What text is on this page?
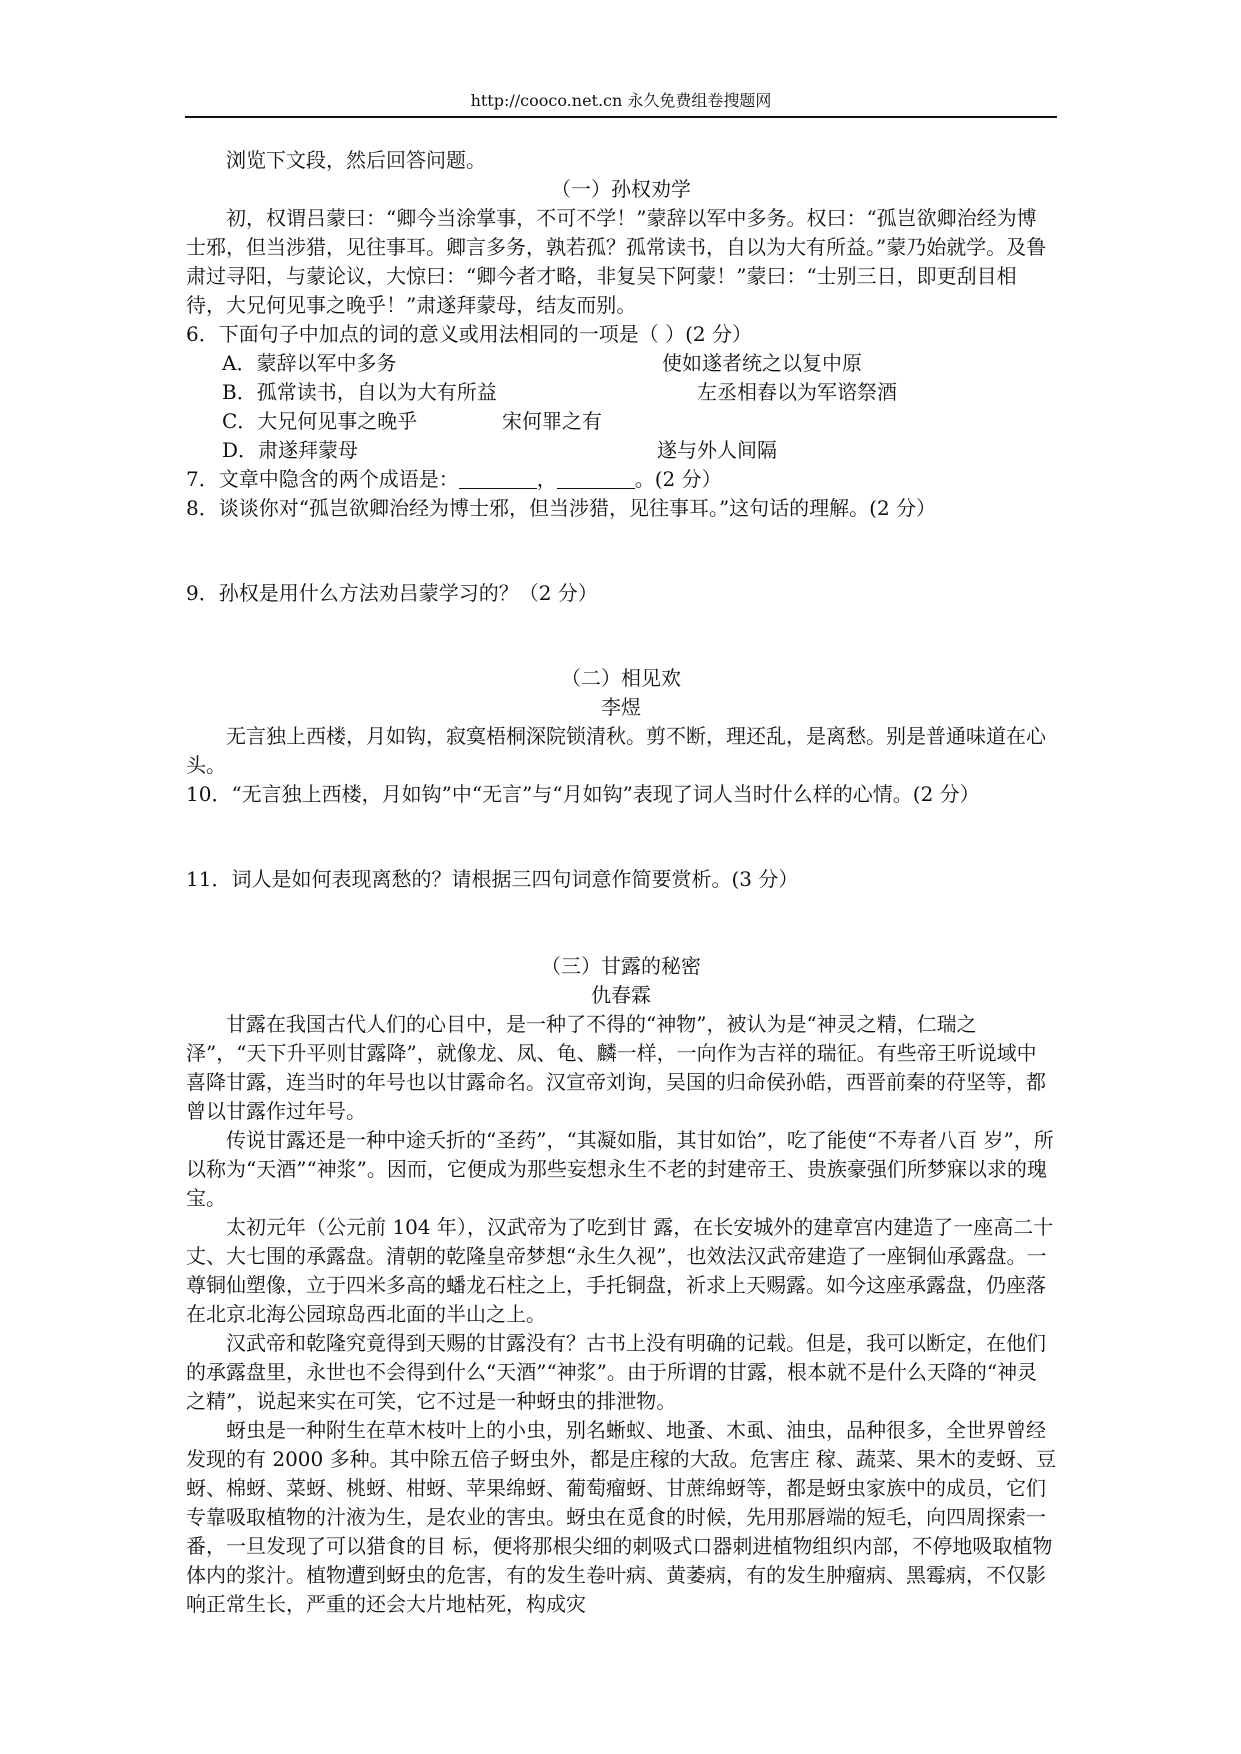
http://cooco.net.cn 永久免费组卷搜题网

浏览下文段，然后回答问题。

（一）孙权劝学

初，权谓吕蒙曰：“卿今当涂掌事，不可不学！”蒙辞以军中多务。权曰：“孤岂欲卿治经为博士邪，但当涉猎，见往事耳。卿言多务，孰若孤？孤常读书，自以为大有所益。”蒙乃始就学。及鲁肃过寻阳，与蒙论议，大惊曰：“卿今者才略，非复吴下阿蒙！”蒙曰：“士别三日，即更刮目相待，大兄何见事之晚乎！”肃遂拜蒙母，结友而别。

6．下面句子中加点的词的意义或用法相同的一项是（ ）(2 分）

A．蒙辞以军中多务	使如遂者统之以复中原
B．孤常读书，自以为大有所益	左丞相舂以为军谘祭酒
C．大兄何见事之晚乎	宋何罪之有
D．肃遂拜蒙母	遂与外人间隔

7．文章中隐含的两个成语是：	，	。(2 分）

8．谈谈你对“孤岂欲卿治经为博士邪，但当涉猎，见往事耳。”这句话的理解。(2 分）

9．孙权是用什么方法劝吕蒙学习的？（2 分）

（二）相见欢

李煜

无言独上西楼，月如钩，寂寞梧桐深院锁清秋。剪不断，理还乱，是离愁。别是普通味道在心头。

10．“无言独上西楼，月如钩”中“无言”与“月如钩”表现了词人当时什么样的心情。(2 分）

11．词人是如何表现离愁的？请根据三四句词意作简要赏析。(3 分）

（三）甘露的秘密

仇春霖

甘露在我国古代人们的心目中，是一种了不得的“神物”，被认为是“神灵之精，仁瑞之泽”，“天下升平则甘露降”，就像龙、凤、龟、麟一样，一向作为吉祥的瑞征。有些帝王听说域中喜降甘露，连当时的年号也以甘露命名。汉宣帝刘询，吴国的归命侯孙皓，西晋前秦的苻坚等，都曾以甘露作过年号。

传说甘露还是一种中途夭折的“圣药”，“其凝如脂，其甘如饴”，吃了能使“不寿者八百 岁”，所以称为“天酒”“神浆”。因而，它便成为那些妄想永生不老的封建帝王、贵族豪强们所梦寐以求的瑰宝。

太初元年（公元前 104 年），汉武帝为了吃到甘 露，在长安城外的建章宫内建造了一座高二十丈、大七围的承露盘。清朝的乾隆皇帝梦想“永生久视”，也效法汉武帝建造了一座铜仙承露盘。一尊铜仙塑像，立于四米多高的蟠龙石柱之上，手托铜盘，祈求上天赐露。如今这座承露盘，仍座落在北京北海公园琼岛西北面的半山之上。

汉武帝和乾隆究竟得到天赐的甘露没有？古书上没有明确的记载。但是，我可以断定，在他们的承露盘里，永世也不会得到什么“天酒”“神浆”。由于所谓的甘露，根本就不是什么天降的“神灵之精”，说起来实在可笑，它不过是一种蚜虫的排泄物。

蚜虫是一种附生在草木枝叶上的小虫，别名蜥蚁、地蚤、木虱、油虫，品种很多，全世界曾经发现的有 2000 多种。其中除五倍子蚜虫外，都是庄稼的大敌。危害庄 稼、蔬菜、果木的麦蚜、豆蚜、棉蚜、菜蚜、桃蚜、柑蚜、苹果绵蚜、葡萄瘤蚜、甘蔗绵蚜等，都是蚜虫家族中的成员，它们专靠吸取植物的汁液为生，是农业的害虫。蚜虫在觅食的时候，先用那唇端的短毛，向四周探索一番，一旦发现了可以猎食的目 标，便将那根尖细的刺吸式口器刺进植物组织内部，不停地吸取植物体内的浆汁。植物遭到蚜虫的危害，有的发生卷叶病、黄萎病，有的发生肿瘤病、黑霉病，不仅影响正常生长，严重的还会大片地枯死，构成灾
